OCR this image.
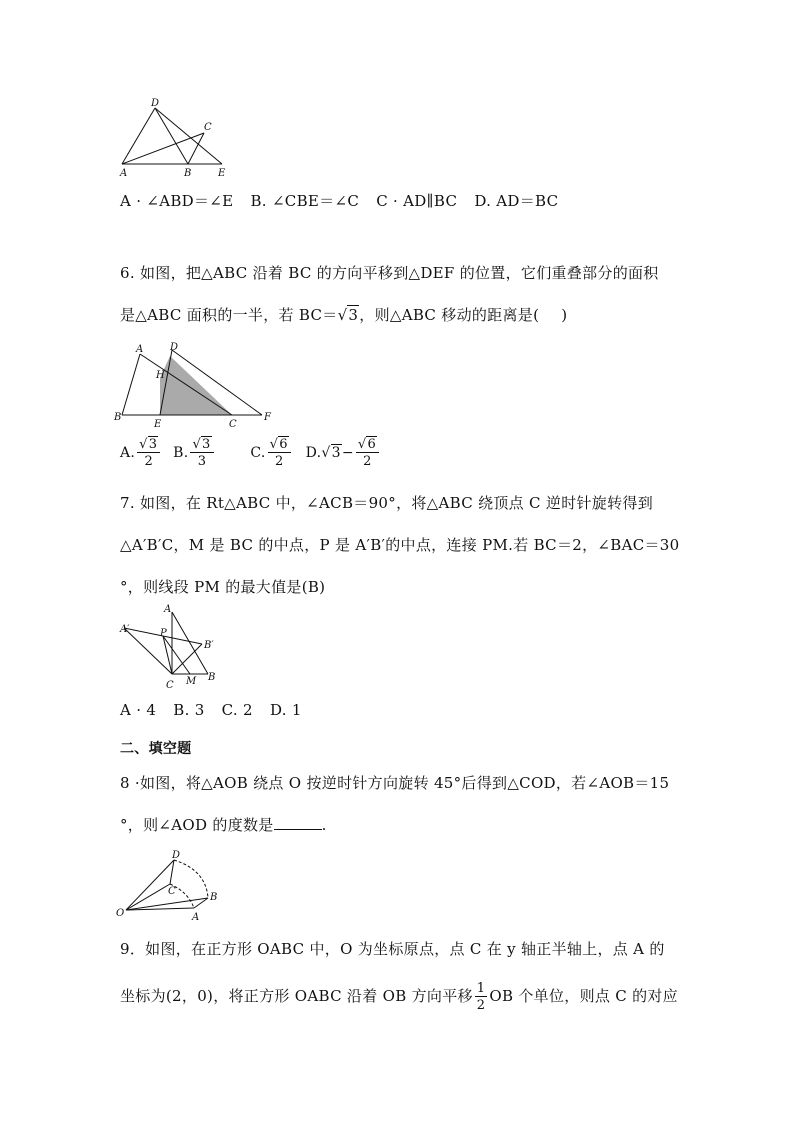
D
C
A	B	E
A · ∠ABD＝∠E B. ∠CBE＝∠C C · AD∥BC D. AD＝BC
6. 如图，把△ABC 沿着 BC 的方向平移到△DEF 的位置，它们重叠部分的面积
是△ABC 面积的一半，若 BC＝√3，则△ABC 移动的距离是( )
A	D
H
B
E	C
F
A. $\frac{√3}{2} B$. $\frac{√3}{3}$	C. $\frac{√6}{2} D.√3- \frac{√6}{2}$
7. 如图，在 Rt△ABC 中，∠ACB＝90°，将△ABC 绕顶点 C 逆时针旋转得到
△A′B′C，M 是 BC 的中点，P 是 A′B′的中点，连接 PM.若 BC＝2，∠BAC＝30
°，则线段 PM 的最大值是(B)
A
A′	P
B′
C M B
A · 4 B. 3 C. 2 D. 1
二、填空题
8 ·如图，将△AOB 绕点 O 按逆时针方向旋转 45°后得到△COD，若∠AOB＝15
°，则∠AOD 的度数是	.
D
C
B
O	A
9．如图，在正方形 OABC 中，O 为坐标原点，点 C 在 y 轴正半轴上，点 A 的
坐标为(2，0)，将正方形 OABC 沿着 OB 方向平移 $\frac{1}{2}$ OB 个单位，则点 C 的对应
